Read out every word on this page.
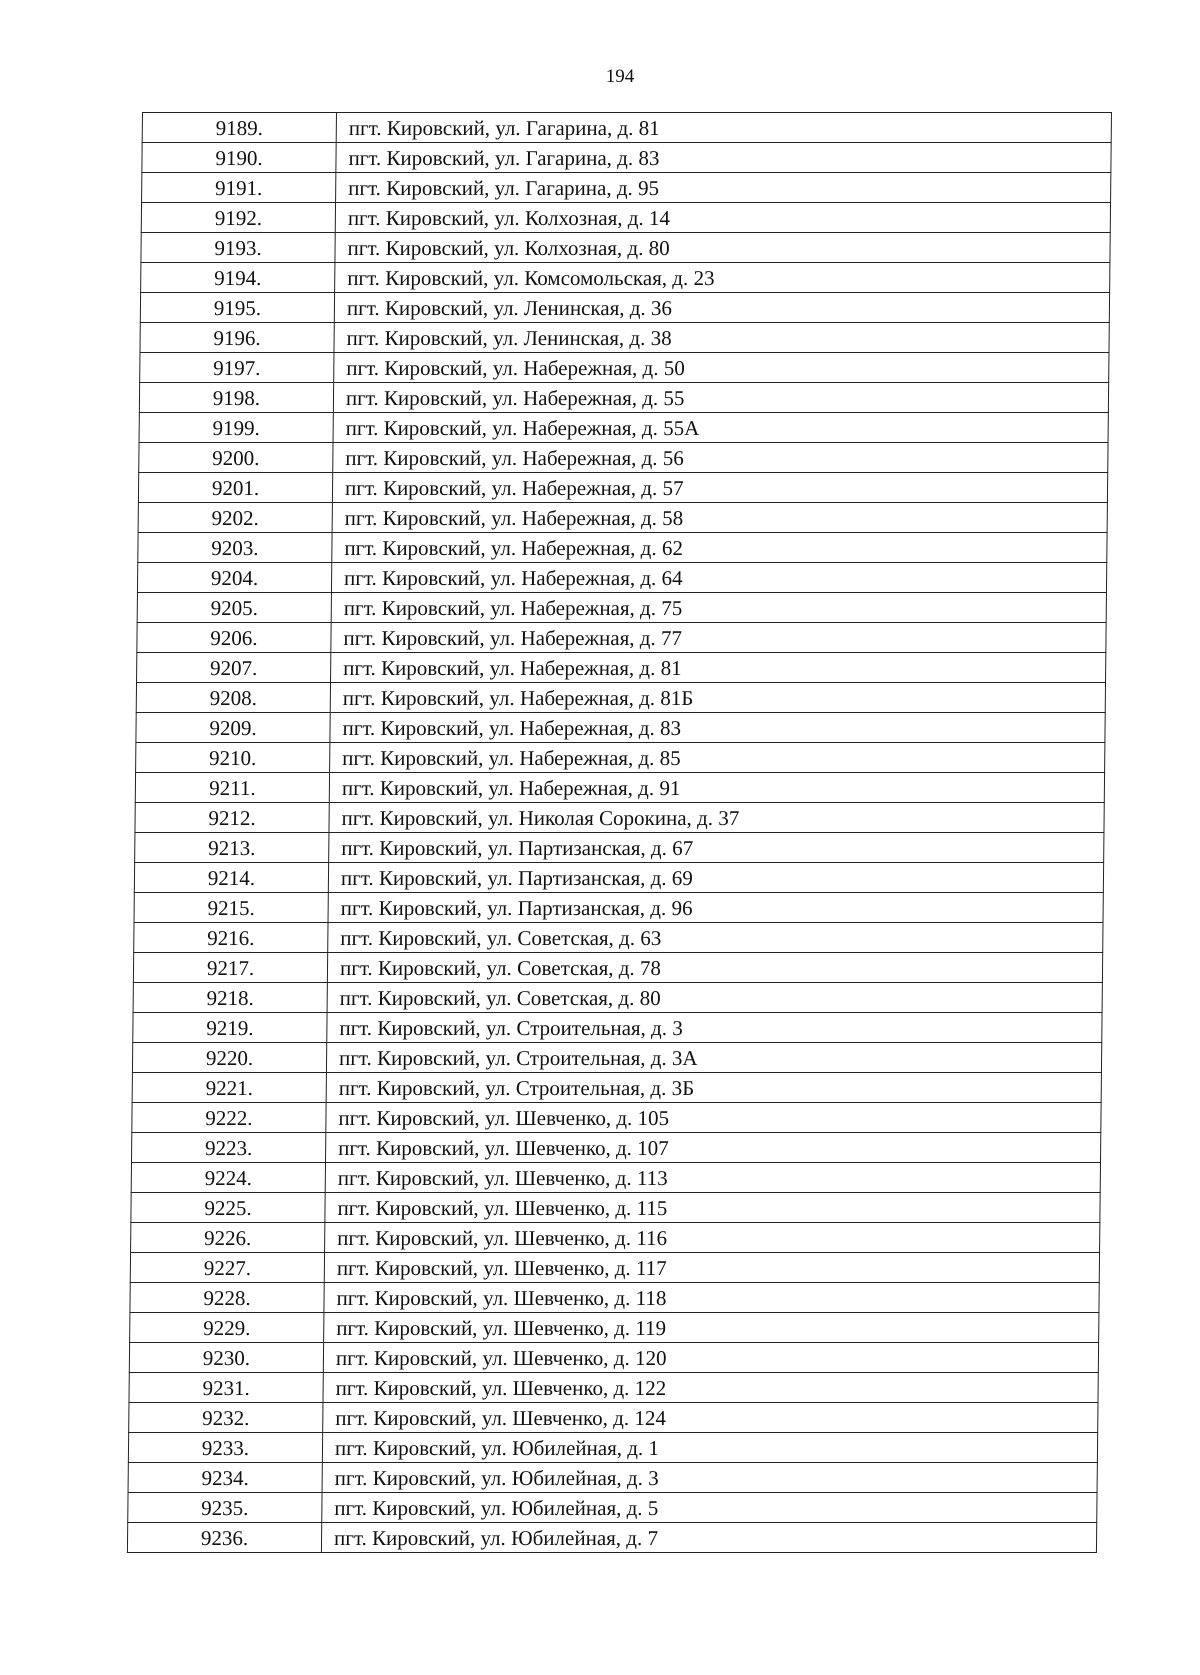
194
9189.	пгт. Кировский, ул. Гагарина, д. 81
9190.	пгт. Кировский, ул. Гагарина, д. 83
9191.	пгт. Кировский, ул. Гагарина, д. 95
9192.	пгт. Кировский, ул. Колхозная, д. 14
9193.	пгт. Кировский, ул. Колхозная, д. 80
9194.	пгт. Кировский, ул. Комсомольская, д. 23
9195.	пгт. Кировский, ул. Ленинская, д. 36
9196.	пгт. Кировский, ул. Ленинская, д. 38
9197.	пгт. Кировский, ул. Набережная, д. 50
9198.	пгт. Кировский, ул. Набережная, д. 55
9199.	пгт. Кировский, ул. Набережная, д. 55А
9200.	пгт. Кировский, ул. Набережная, д. 56
9201.	пгт. Кировский, ул. Набережная, д. 57
9202.	пгт. Кировский, ул. Набережная, д. 58
9203.	пгт. Кировский, ул. Набережная, д. 62
9204.	пгт. Кировский, ул. Набережная, д. 64
9205.	пгт. Кировский, ул. Набережная, д. 75
9206.	пгт. Кировский, ул. Набережная, д. 77
9207.	пгт. Кировский, ул. Набережная, д. 81
9208.	пгт. Кировский, ул. Набережная, д. 81Б
9209.	пгт. Кировский, ул. Набережная, д. 83
9210.	пгт. Кировский, ул. Набережная, д. 85
9211.	пгт. Кировский, ул. Набережная, д. 91
9212.	пгт. Кировский, ул. Николая Сорокина, д. 37
9213.	пгт. Кировский, ул. Партизанская, д. 67
9214.	пгт. Кировский, ул. Партизанская, д. 69
9215.	пгт. Кировский, ул. Партизанская, д. 96
9216.	пгт. Кировский, ул. Советская, д. 63
9217.	пгт. Кировский, ул. Советская, д. 78
9218.	пгт. Кировский, ул. Советская, д. 80
9219.	пгт. Кировский, ул. Строительная, д. 3
9220.	пгт. Кировский, ул. Строительная, д. 3А
9221.	пгт. Кировский, ул. Строительная, д. 3Б
9222.	пгт. Кировский, ул. Шевченко, д. 105
9223.	пгт. Кировский, ул. Шевченко, д. 107
9224.	пгт. Кировский, ул. Шевченко, д. 113
9225.	пгт. Кировский, ул. Шевченко, д. 115
9226.	пгт. Кировский, ул. Шевченко, д. 116
9227.	пгт. Кировский, ул. Шевченко, д. 117
9228.	пгт. Кировский, ул. Шевченко, д. 118
9229.	пгт. Кировский, ул. Шевченко, д. 119
9230.	пгт. Кировский, ул. Шевченко, д. 120
9231.	пгт. Кировский, ул. Шевченко, д. 122
9232.	пгт. Кировский, ул. Шевченко, д. 124
9233.	пгт. Кировский, ул. Юбилейная, д. 1
9234.	пгт. Кировский, ул. Юбилейная, д. 3
9235.	пгт. Кировский, ул. Юбилейная, д. 5
9236.	пгт. Кировский, ул. Юбилейная, д. 7
